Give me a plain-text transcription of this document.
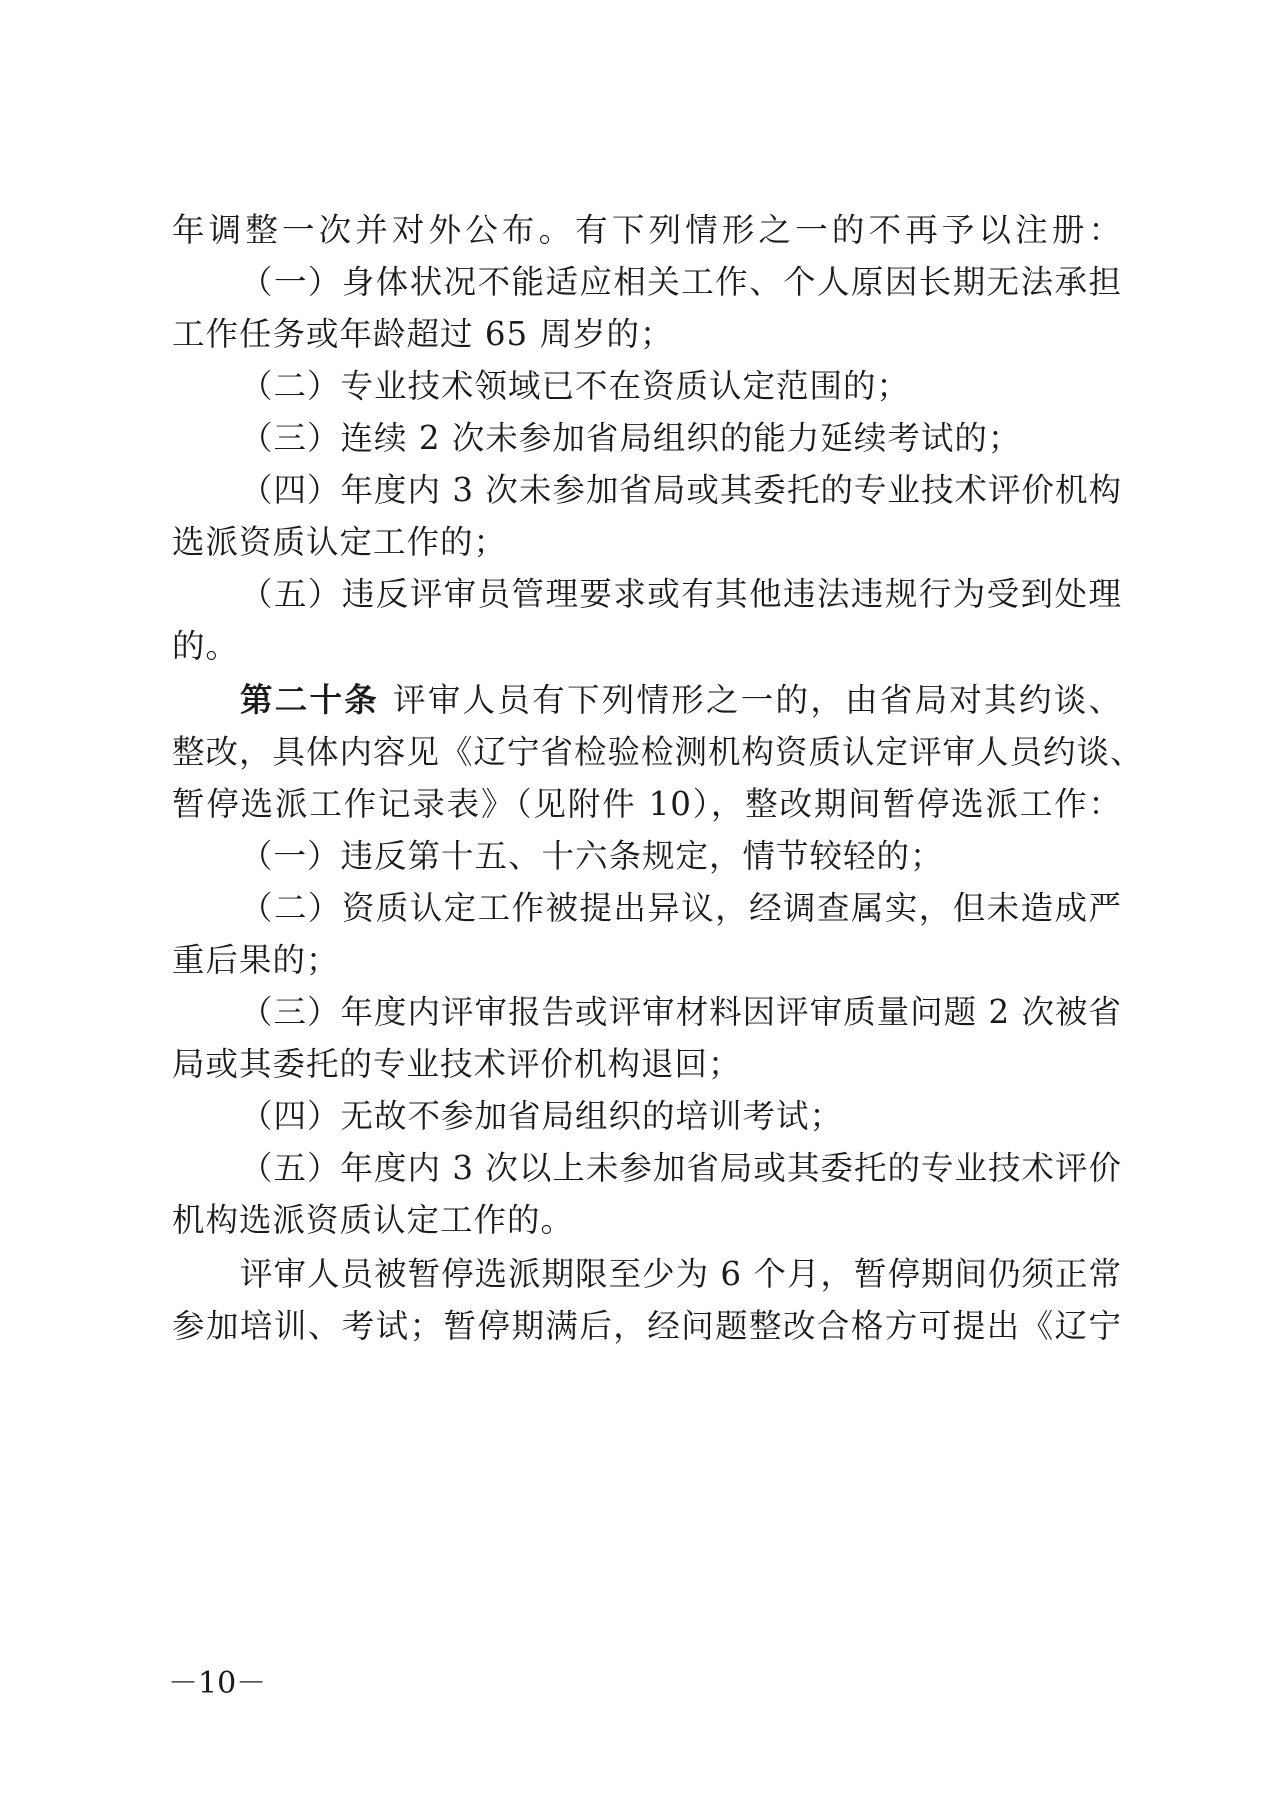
年调整一次并对外公布。有下列情形之一的不再予以注册：
（一）身体状况不能适应相关工作、个人原因长期无法承担
工作任务或年龄超过 65 周岁的；
（二）专业技术领域已不在资质认定范围的；
（三）连续 2 次未参加省局组织的能力延续考试的；
（四）年度内 3 次未参加省局或其委托的专业技术评价机构
选派资质认定工作的；
（五）违反评审员管理要求或有其他违法违规行为受到处理
的。
第二十条 评审人员有下列情形之一的，由省局对其约谈、
整改，具体内容见《辽宁省检验检测机构资质认定评审人员约谈、
暂停选派工作记录表》（见附件 10），整改期间暂停选派工作：
（一）违反第十五、十六条规定，情节较轻的；
（二）资质认定工作被提出异议，经调查属实，但未造成严
重后果的；
（三）年度内评审报告或评审材料因评审质量问题 2 次被省
局或其委托的专业技术评价机构退回；
（四）无故不参加省局组织的培训考试；
（五）年度内 3 次以上未参加省局或其委托的专业技术评价
机构选派资质认定工作的。
评审人员被暂停选派期限至少为 6 个月，暂停期间仍须正常
参加培训、考试；暂停期满后，经问题整改合格方可提出《辽宁
－10－
